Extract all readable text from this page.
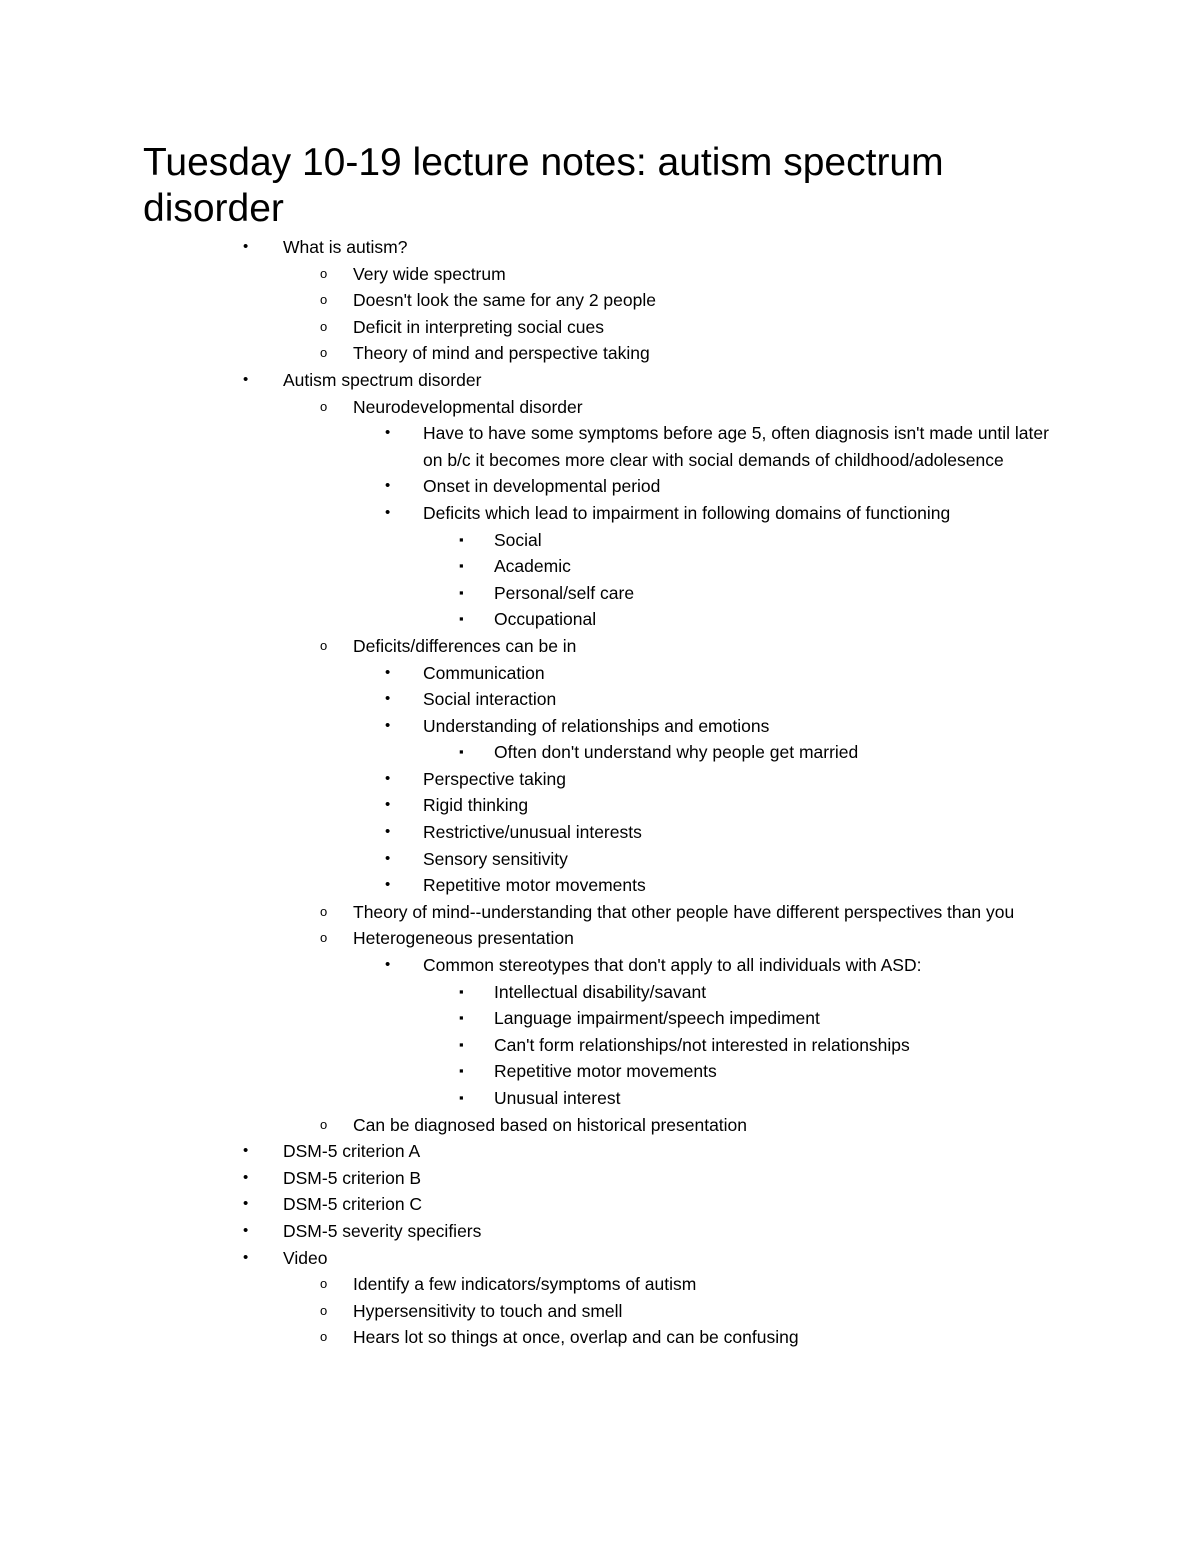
Tuesday 10-19 lecture notes: autism spectrum disorder
• What is autism?
o Very wide spectrum
o Doesn't look the same for any 2 people
o Deficit in interpreting social cues
o Theory of mind and perspective taking
• Autism spectrum disorder
o Neurodevelopmental disorder
• Have to have some symptoms before age 5, often diagnosis isn't made until later on b/c it becomes more clear with social demands of childhood/adolesence
• Onset in developmental period
• Deficits which lead to impairment in following domains of functioning
▪ Social
▪ Academic
▪ Personal/self care
▪ Occupational
o Deficits/differences can be in
• Communication
• Social interaction
• Understanding of relationships and emotions
▪ Often don't understand why people get married
• Perspective taking
• Rigid thinking
• Restrictive/unusual interests
• Sensory sensitivity
• Repetitive motor movements
o Theory of mind--understanding that other people have different perspectives than you
o Heterogeneous presentation
• Common stereotypes that don't apply to all individuals with ASD:
▪ Intellectual disability/savant
▪ Language impairment/speech impediment
▪ Can't form relationships/not interested in relationships
▪ Repetitive motor movements
▪ Unusual interest
o Can be diagnosed based on historical presentation
• DSM-5 criterion A
• DSM-5 criterion B
• DSM-5 criterion C
• DSM-5 severity specifiers
• Video
o Identify a few indicators/symptoms of autism
o Hypersensitivity to touch and smell
o Hears lot so things at once, overlap and can be confusing
